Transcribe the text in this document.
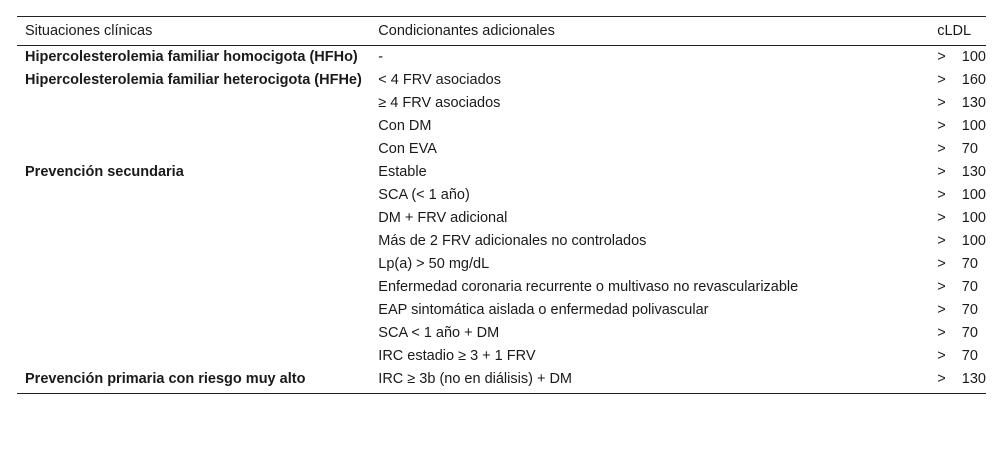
Situaciones clínicas	Condicionantes adicionales	cLDL
Hipercolesterolemia familiar homocigota (HFHo)	-	>    100
Hipercolesterolemia familiar heterocigota (HFHe)	< 4 FRV asociados	>    160
	≥ 4 FRV asociados	>    130
	Con DM	>    100
	Con EVA	>    70
Prevención secundaria	Estable	>    130
	SCA (< 1 año)	>    100
	DM + FRV adicional	>    100
	Más de 2 FRV adicionales no controlados	>    100
	Lp(a) > 50 mg/dL	>    70
	Enfermedad coronaria recurrente o multivaso no revascularizable	>    70
	EAP sintomática aislada o enfermedad polivascular	>    70
	SCA < 1 año + DM	>    70
	IRC estadio ≥ 3 + 1 FRV	>    70
Prevención primaria con riesgo muy alto	IRC ≥ 3b (no en diálisis) + DM	>    130
